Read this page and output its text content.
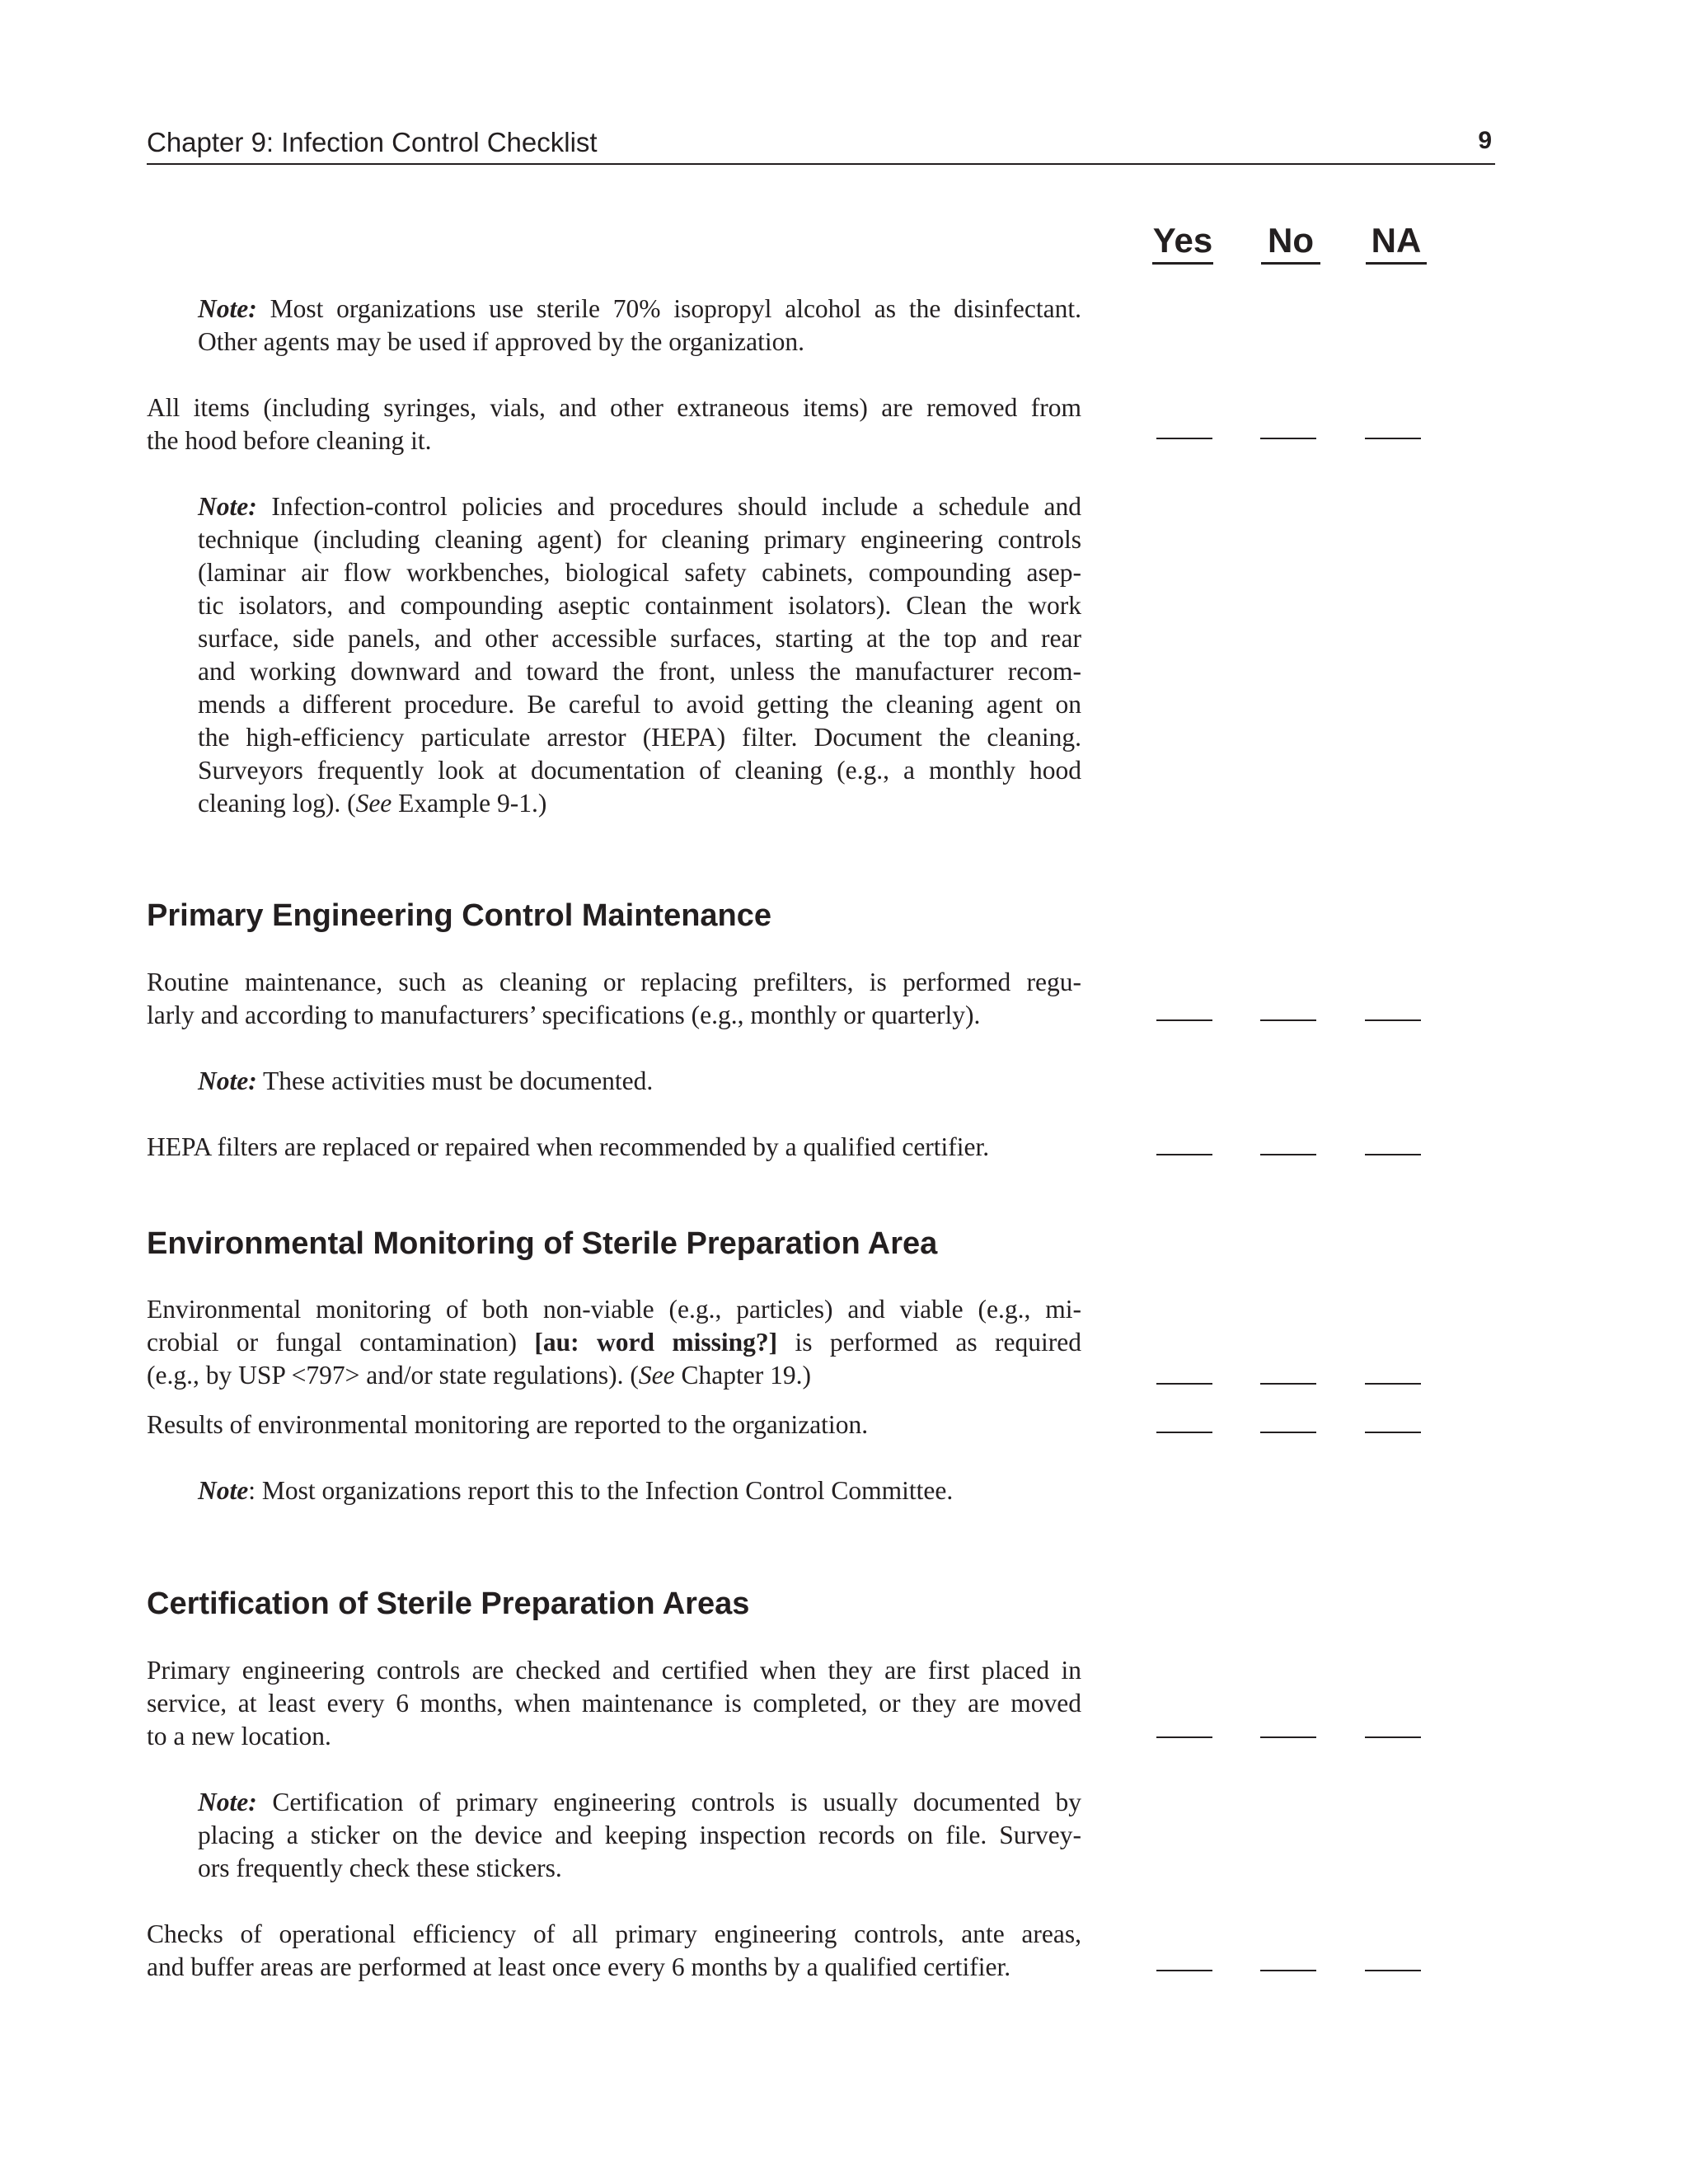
Chapter 9: Infection Control Checklist	9
Yes No NA
Note: Most organizations use sterile 70% isopropyl alcohol as the disinfectant.
Other agents may be used if approved by the organization.
All items (including syringes, vials, and other extraneous items) are removed from
the hood before cleaning it.
Note: Infection-control policies and procedures should include a schedule and
technique (including cleaning agent) for cleaning primary engineering controls
(laminar air flow workbenches, biological safety cabinets, compounding asep-
tic isolators, and compounding aseptic containment isolators). Clean the work
surface, side panels, and other accessible surfaces, starting at the top and rear
and working downward and toward the front, unless the manufacturer recom-
mends a different procedure. Be careful to avoid getting the cleaning agent on
the high-efficiency particulate arrestor (HEPA) filter. Document the cleaning.
Surveyors frequently look at documentation of cleaning (e.g., a monthly hood
cleaning log). (See Example 9-1.)
Primary Engineering Control Maintenance
Routine maintenance, such as cleaning or replacing prefilters, is performed regu-
larly and according to manufacturers’ specifications (e.g., monthly or quarterly).
Note: These activities must be documented.
HEPA filters are replaced or repaired when recommended by a qualified certifier.
Environmental Monitoring of Sterile Preparation Area
Environmental monitoring of both non-viable (e.g., particles) and viable (e.g., mi-
crobial or fungal contamination) [au: word missing?] is performed as required
(e.g., by USP <797> and/or state regulations). (See Chapter 19.)
Results of environmental monitoring are reported to the organization.
Note: Most organizations report this to the Infection Control Committee.
Certification of Sterile Preparation Areas
Primary engineering controls are checked and certified when they are first placed in
service, at least every 6 months, when maintenance is completed, or they are moved
to a new location.
Note: Certification of primary engineering controls is usually documented by
placing a sticker on the device and keeping inspection records on file. Survey-
ors frequently check these stickers.
Checks of operational efficiency of all primary engineering controls, ante areas,
and buffer areas are performed at least once every 6 months by a qualified certifier.
